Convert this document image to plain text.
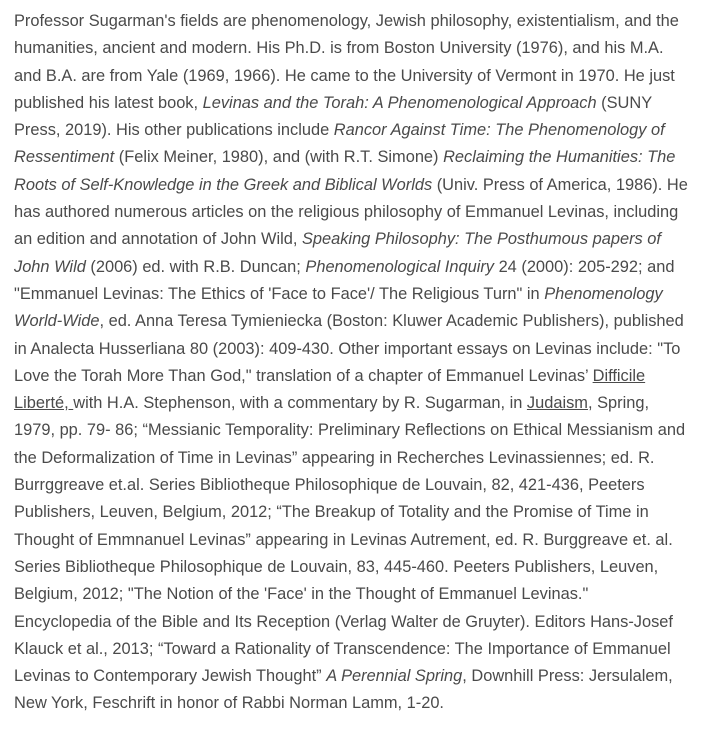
Professor Sugarman's fields are phenomenology, Jewish philosophy, existentialism, and the humanities, ancient and modern. His Ph.D. is from Boston University (1976), and his M.A. and B.A. are from Yale (1969, 1966). He came to the University of Vermont in 1970. He just published his latest book, Levinas and the Torah: A Phenomenological Approach (SUNY Press, 2019). His other publications include Rancor Against Time: The Phenomenology of Ressentiment (Felix Meiner, 1980), and (with R.T. Simone) Reclaiming the Humanities: The Roots of Self-Knowledge in the Greek and Biblical Worlds (Univ. Press of America, 1986). He has authored numerous articles on the religious philosophy of Emmanuel Levinas, including an edition and annotation of John Wild, Speaking Philosophy: The Posthumous papers of John Wild (2006) ed. with R.B. Duncan; Phenomenological Inquiry 24 (2000): 205-292; and "Emmanuel Levinas: The Ethics of 'Face to Face'/ The Religious Turn" in Phenomenology World-Wide, ed. Anna Teresa Tymieniecka (Boston: Kluwer Academic Publishers), published in Analecta Husserliana 80 (2003): 409-430. Other important essays on Levinas include: "To Love the Torah More Than God," translation of a chapter of Emmanuel Levinas’ Difficile Liberté, with H.A. Stephenson, with a commentary by R. Sugarman, in Judaism, Spring, 1979, pp. 79- 86; “Messianic Temporality: Preliminary Reflections on Ethical Messianism and the Deformalization of Time in Levinas” appearing in Recherches Levinassiennes; ed. R. Burrggreave et.al. Series Bibliotheque Philosophique de Louvain, 82, 421-436, Peeters Publishers, Leuven, Belgium, 2012; “The Breakup of Totality and the Promise of Time in Thought of Emmnanuel Levinas” appearing in Levinas Autrement, ed. R. Burggreave et. al. Series Bibliotheque Philosophique de Louvain, 83, 445-460. Peeters Publishers, Leuven, Belgium, 2012; "The Notion of the 'Face' in the Thought of Emmanuel Levinas." Encyclopedia of the Bible and Its Reception (Verlag Walter de Gruyter). Editors Hans-Josef Klauck et al., 2013; “Toward a Rationality of Transcendence: The Importance of Emmanuel Levinas to Contemporary Jewish Thought” A Perennial Spring, Downhill Press: Jersulalem, New York, Feschrift in honor of Rabbi Norman Lamm, 1-20.
